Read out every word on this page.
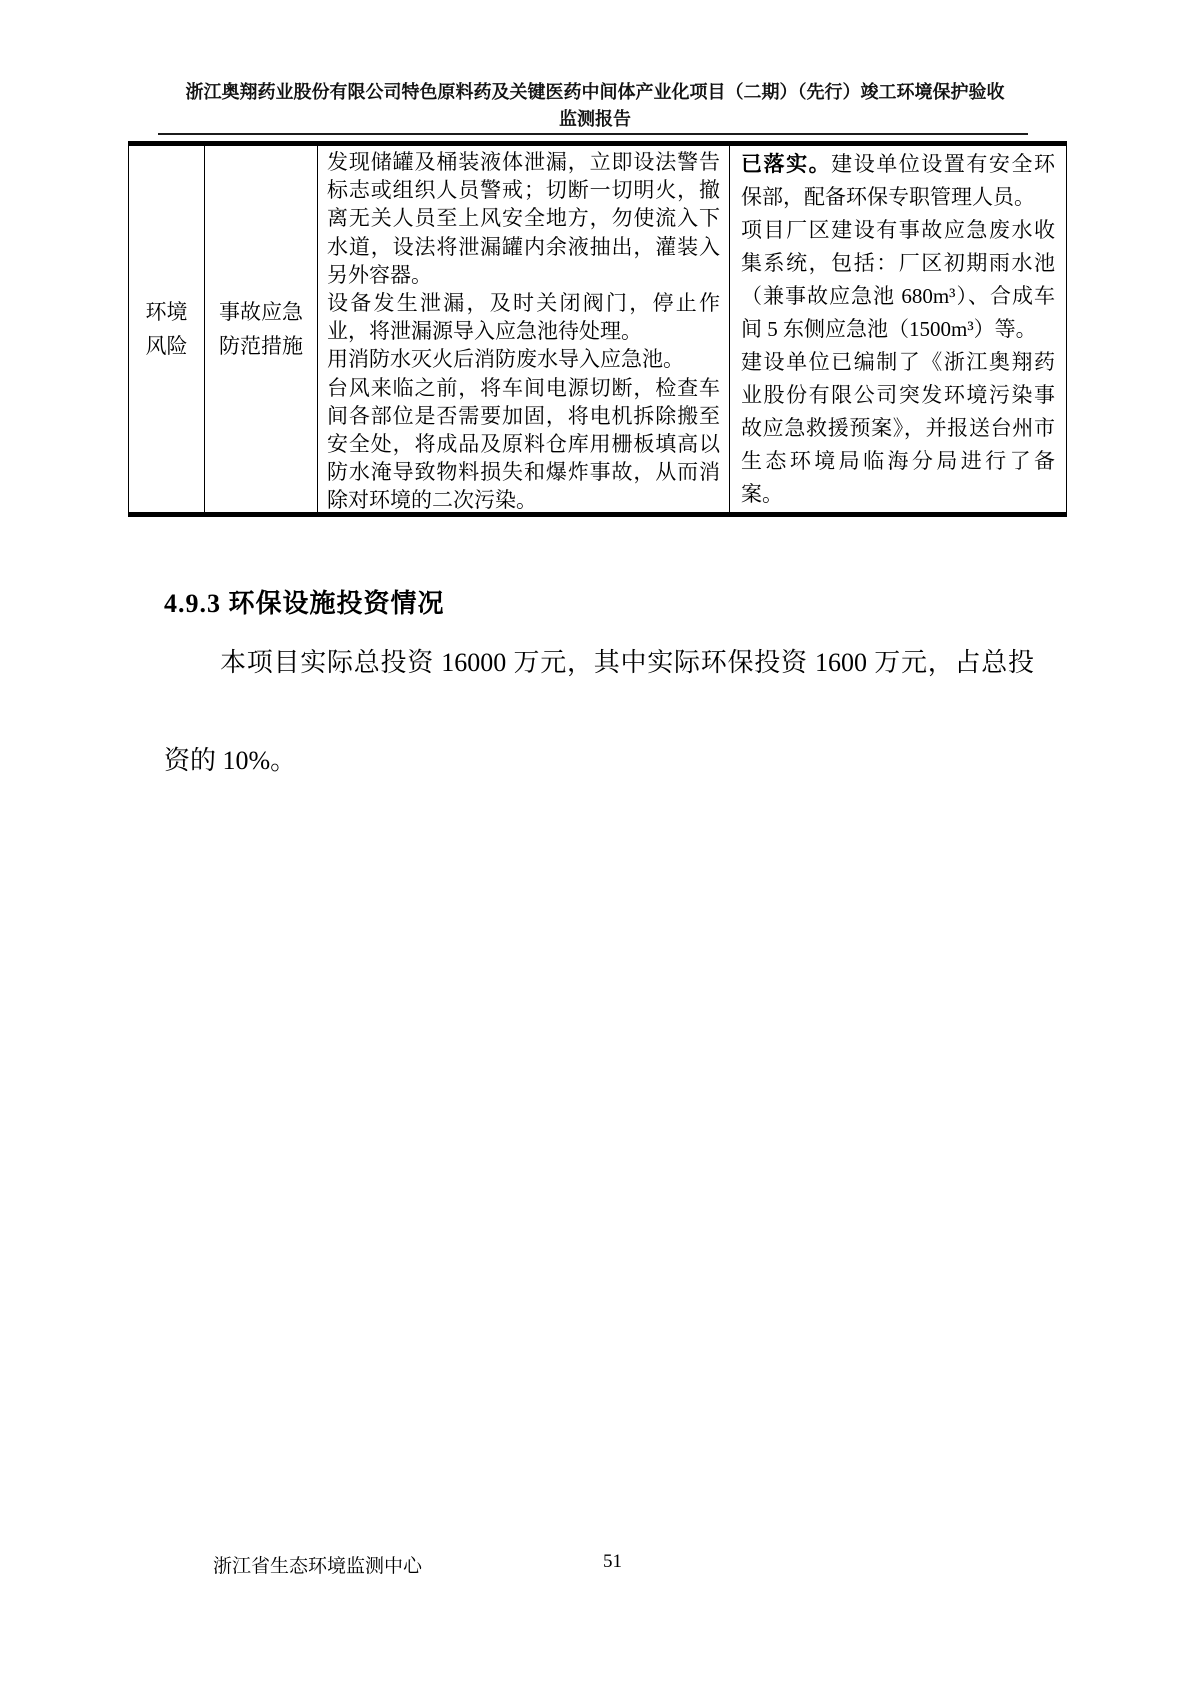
浙江奥翔药业股份有限公司特色原料药及关键医药中间体产业化项目（二期）（先行）竣工环境保护验收
监测报告
环境风险
事故应急防范措施

发现储罐及桶装液体泄漏，立即设法警告标志或组织人员警戒；切断一切明火，撤离无关人员至上风安全地方，勿使流入下水道，设法将泄漏罐内余液抽出，灌装入另外容器。

设备发生泄漏，及时关闭阀门，停止作业，将泄漏源导入应急池待处理。

用消防水灭火后消防废水导入应急池。

台风来临之前，将车间电源切断，检查车间各部位是否需要加固，将电机拆除搬至安全处，将成品及原料仓库用栅板填高以防水淹导致物料损失和爆炸事故，从而消除对环境的二次污染。

已落实。建设单位设置有安全环保部，配备环保专职管理人员。

项目厂区建设有事故应急废水收集系统，包括：厂区初期雨水池（兼事故应急池 680m³）、合成车间 5 东侧应急池（1500m³）等。

建设单位已编制了《浙江奥翔药业股份有限公司突发环境污染事故应急救援预案》，并报送台州市生态环境局临海分局进行了备案。

4.9.3 环保设施投资情况
本项目实际总投资 16000 万元，其中实际环保投资 1600 万元，占总投资的 10%。
浙江省生态环境监测中心	51
